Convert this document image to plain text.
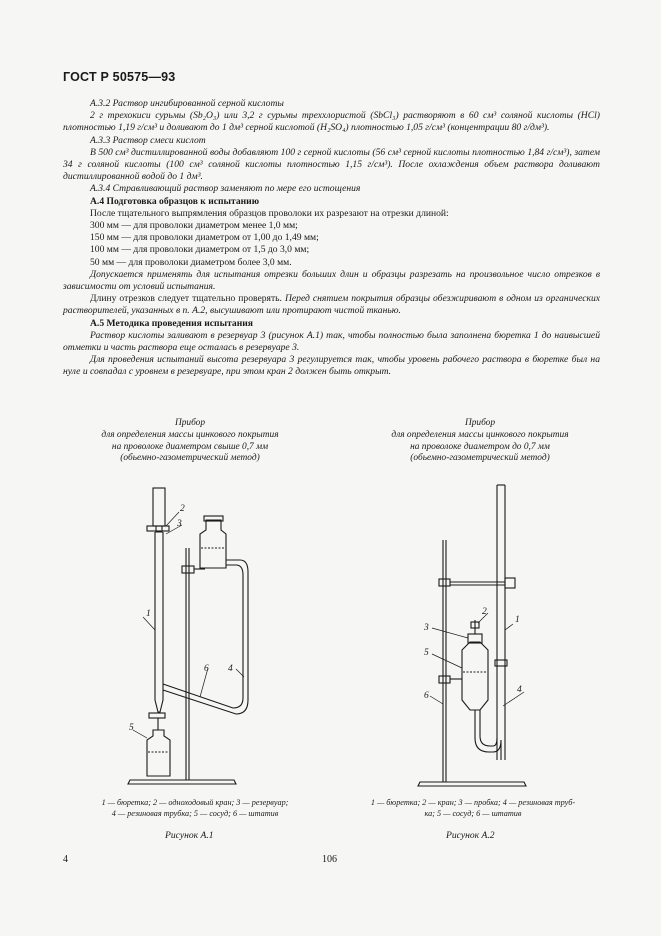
ГОСТ Р 50575—93

А.3.2 Раствор ингибированной серной кислоты

2 г трехокиси сурьмы (Sb₂O₃) или 3,2 г сурьмы треххлористой (SbCl₃) растворяют в 60 см³ соляной кислоты (HCl) плотностью 1,19 г/см³ и доливают до 1 дм³ серной кислотой (H₂SO₄) плотностью 1,05 г/см³ (концентрации 80 г/дм³).

А.3.3 Раствор смеси кислот

В 500 см³ дистиллированной воды добавляют 100 г серной кислоты (56 см³ серной кислоты плотностью 1,84 г/см³), затем 34 г соляной кислоты (100 см³ соляной кислоты плотностью 1,15 г/см³). После охлаждения объем раствора доливают дистиллированной водой до 1 дм³.

А.3.4 Стравливающий раствор заменяют по мере его истощения

А.4 Подготовка образцов к испытанию

После тщательного выпрямления образцов проволоки их разрезают на отрезки длиной:

300 мм — для проволоки диаметром менее 1,0 мм;

150 мм — для проволоки диаметром от 1,00 до 1,49 мм;

100 мм — для проволоки диаметром от 1,5 до 3,0 мм;

50 мм — для проволоки диаметром более 3,0 мм.

Допускается применять для испытания отрезки больших длин и образцы разрезать на произвольное число отрезков в зависимости от условий испытания.

Длину отрезков следует тщательно проверять. Перед снятием покрытия образцы обезжиривают в одном из органических растворителей, указанных в п. А.2, высушивают или протирают чистой тканью.

А.5 Методика проведения испытания

Раствор кислоты заливают в резервуар 3 (рисунок А.1) так, чтобы полностью была заполнена бюретка 1 до наивысшей отметки и часть раствора еще осталась в резервуаре 3.

Для проведения испытаний высота резервуара 3 регулируется так, чтобы уровень рабочего раствора в бюретке был на нуле и совпадал с уровнем в резервуаре, при этом кран 2 должен быть открыт.

Прибор
для определения массы цинкового покрытия
на проволоке диаметром свыше 0,7 мм
(обьемно-газометрический метод)
Прибор
для определения массы цинкового покрытия
на проволоке диаметром до 0,7 мм
(обьемно-газометрический метод)
1
2
3
4
5
6
1
2
3
4
5
6
1 — бюретка; 2 — одноходовый кран; 3 — резервуар;
4 — резиновая трубка; 5 — сосуд; 6 — штатив
1 — бюретка; 2 — кран; 3 — пробка; 4 — резиновая труб-
ка; 5 — сосуд; 6 — штатив
Рисунок А.1	Рисунок А.2
4	106
